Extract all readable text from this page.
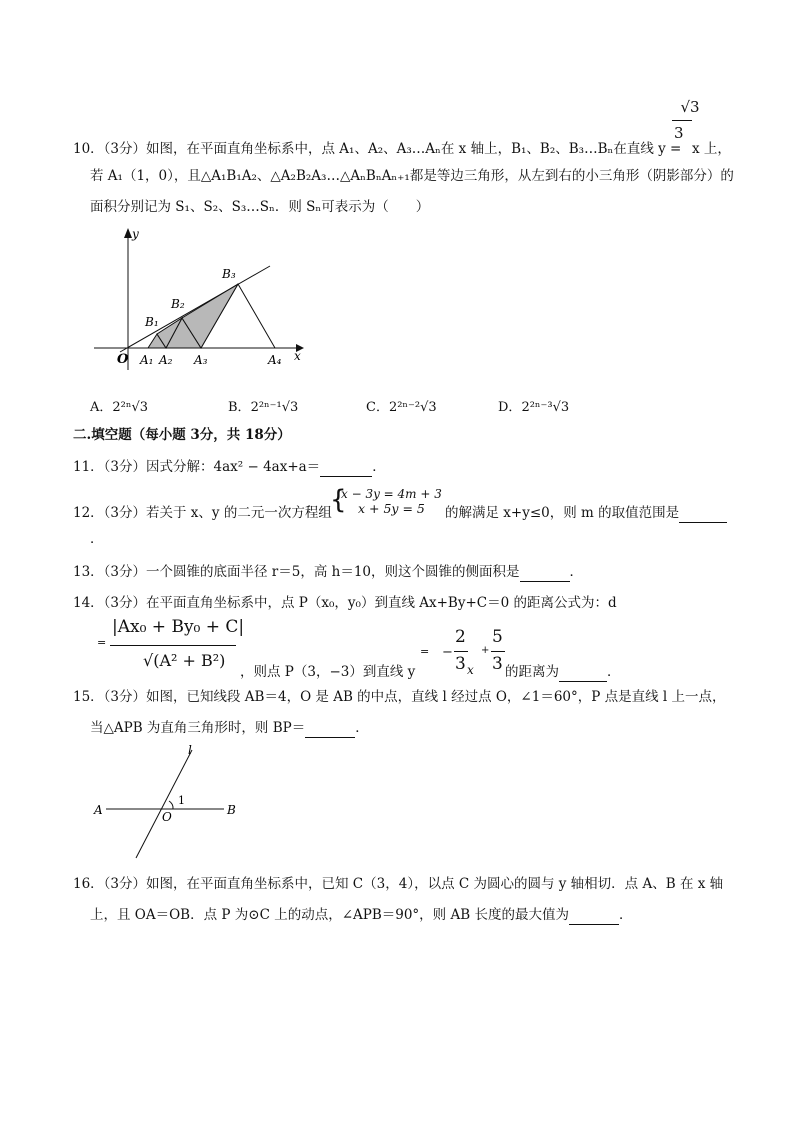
√3
3
10．（3分）如图，在平面直角坐标系中，点 A₁、A₂、A₃…Aₙ在 x 轴上，B₁、B₂、B₃…Bₙ在直线 y = x 上，
若 A₁（1，0），且△A₁B₁A₂、△A₂B₂A₃…△AₙBₙAₙ₊₁都是等边三角形，从左到右的小三角形（阴影部分）的
面积分别记为 S₁、S₂、S₃…Sₙ．则 Sₙ可表示为（　　）
y
x
O A₁ A₂ A₃	A₄
B₁
B₂
B₃
A．2²ⁿ√3	B．2²ⁿ⁻¹√3	C．2²ⁿ⁻²√3	D．2²ⁿ⁻³√3
二.填空题（每小题 3分，共 18分）
11．（3分）因式分解：4ax² − 4ax+a＝	．
12．（3分）若关于 x、y 的二元一次方程组
{
x − 3y = 4m + 3
x + 5y = 5 的解满足 x+y≤0，则 m 的取值范围是
．
13．（3分）一个圆锥的底面半径 r＝5，高 h＝10，则这个圆锥的侧面积是	．
14．（3分）在平面直角坐标系中，点 P（x₀，y₀）到直线 Ax+By+C＝0 的距离公式为：d
=
|Ax₀ + By₀ + C|
√(A² + B²)
，则点 P（3，−3）到直线 y
= −
2
3 x
+
5
3 的距离为	．
15．（3分）如图，已知线段 AB＝4，O 是 AB 的中点，直线 l 经过点 O，∠1＝60°，P 点是直线 l 上一点，
当△APB 为直角三角形时，则 BP＝	．
l
A	B
O
1
16．（3分）如图，在平面直角坐标系中，已知 C（3，4），以点 C 为圆心的圆与 y 轴相切．点 A、B 在 x 轴
上，且 OA＝OB．点 P 为⊙C 上的动点，∠APB＝90°，则 AB 长度的最大值为	．
